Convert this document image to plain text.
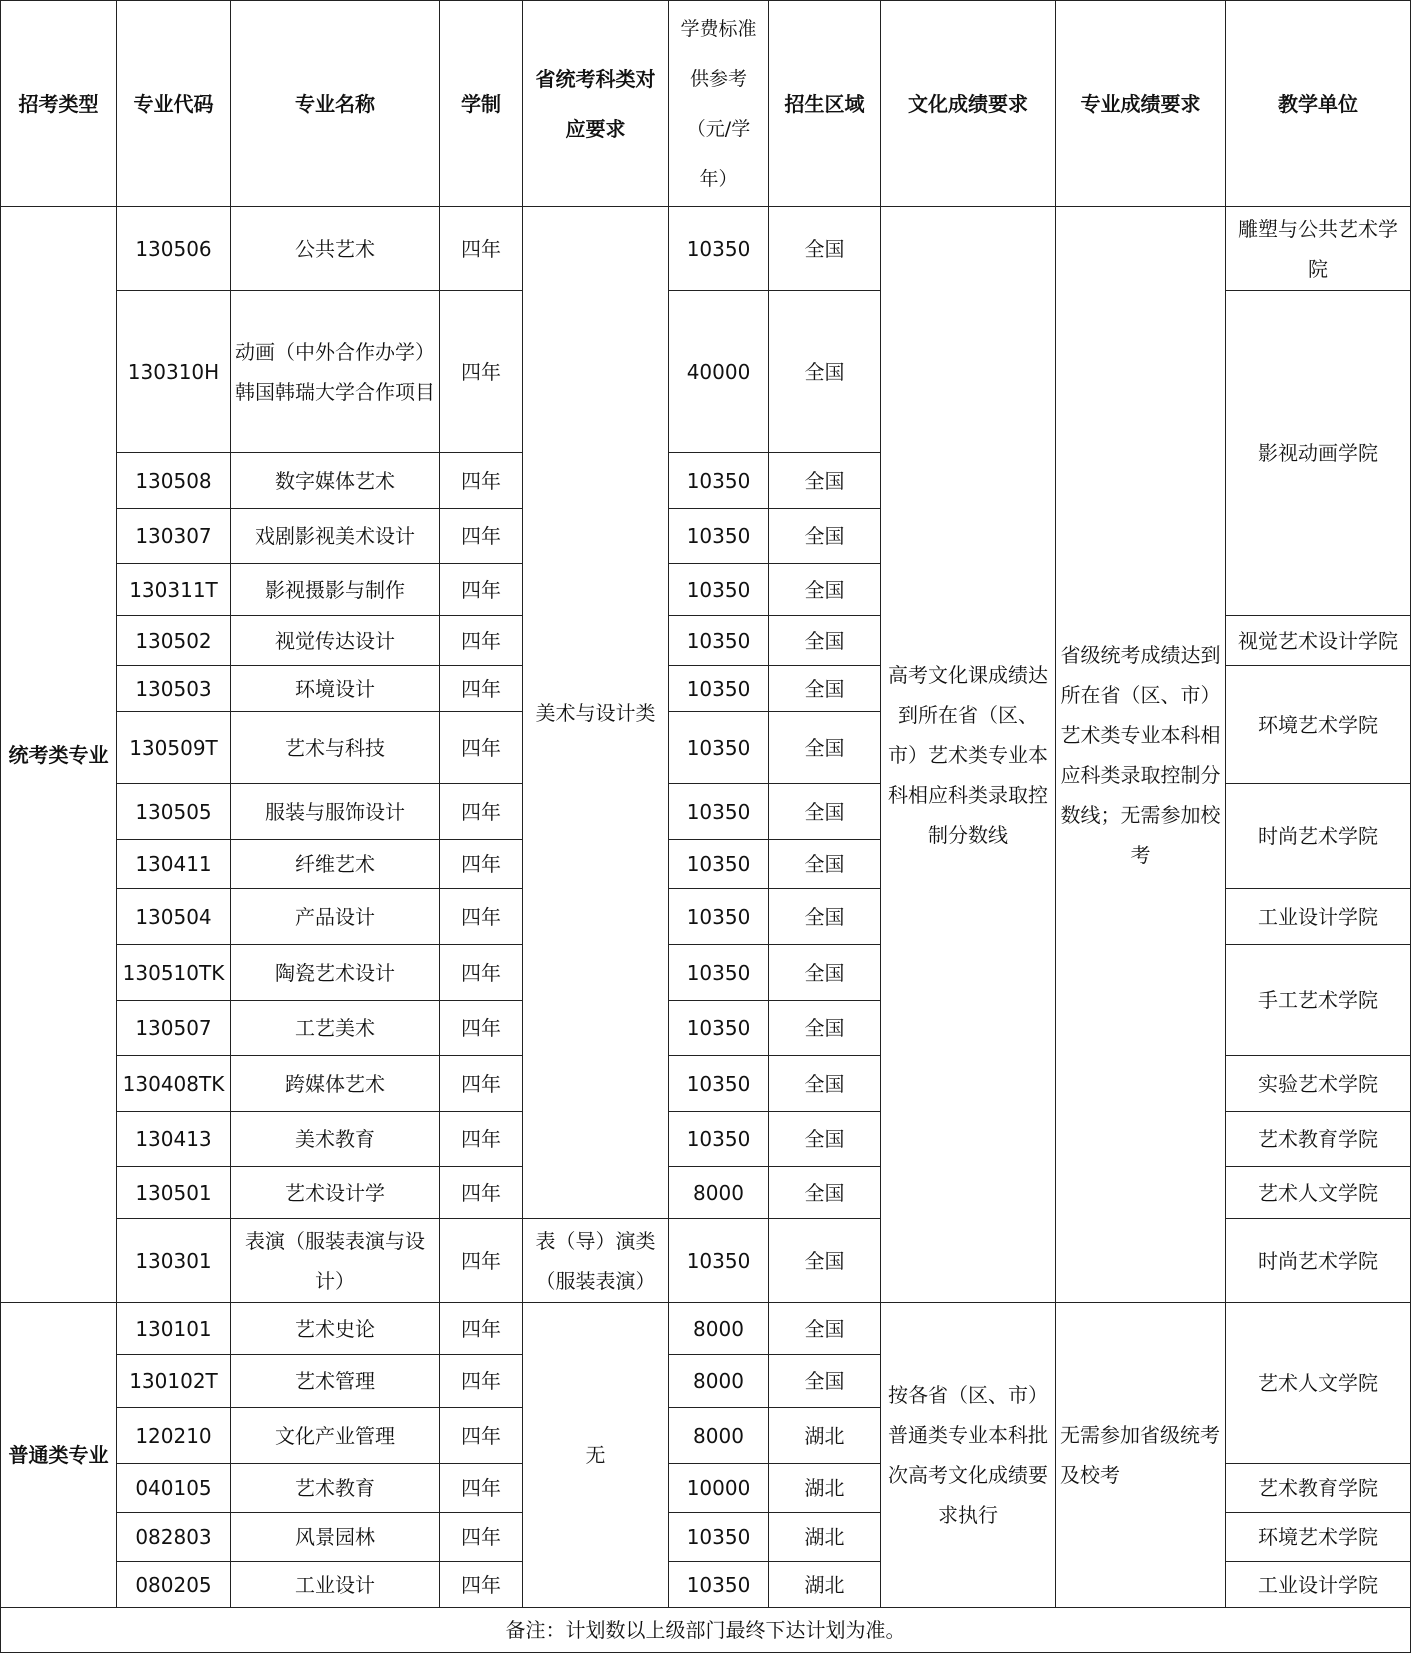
招考类型	专业代码	专业名称	学制	省统考科类对应要求	学费标准供参考（元/学年）	招生区域	文化成绩要求	专业成绩要求	教学单位
统考类专业	130506	公共艺术	四年	美术与设计类	10350	全国	高考文化课成绩达到所在省（区、市）艺术类专业本科相应科类录取控制分数线	省级统考成绩达到所在省（区、市）艺术类专业本科相应科类录取控制分数线；无需参加校考	雕塑与公共艺术学院
	130310H	动画（中外合作办学）韩国韩瑞大学合作项目	四年		40000	全国			影视动画学院
	130508	数字媒体艺术	四年		10350	全国			
	130307	戏剧影视美术设计	四年		10350	全国			
	130311T	影视摄影与制作	四年		10350	全国			
	130502	视觉传达设计	四年		10350	全国			视觉艺术设计学院
	130503	环境设计	四年		10350	全国			环境艺术学院
	130509T	艺术与科技	四年		10350	全国			
	130505	服装与服饰设计	四年		10350	全国			时尚艺术学院
	130411	纤维艺术	四年		10350	全国			
	130504	产品设计	四年		10350	全国			工业设计学院
	130510TK	陶瓷艺术设计	四年		10350	全国			手工艺术学院
	130507	工艺美术	四年		10350	全国			
	130408TK	跨媒体艺术	四年		10350	全国			实验艺术学院
	130413	美术教育	四年		10350	全国			艺术教育学院
	130501	艺术设计学	四年		8000	全国			艺术人文学院
	130301	表演（服装表演与设计）	四年	表（导）演类（服装表演）	10350	全国			时尚艺术学院
普通类专业	130101	艺术史论	四年	无	8000	全国	按各省（区、市）普通类专业本科批次高考文化成绩要求执行	无需参加省级统考及校考	艺术人文学院
	130102T	艺术管理	四年		8000	全国			
	120210	文化产业管理	四年		8000	湖北			
	040105	艺术教育	四年		10000	湖北			艺术教育学院
	082803	风景园林	四年		10350	湖北			环境艺术学院
	080205	工业设计	四年		10350	湖北			工业设计学院
备注：计划数以上级部门最终下达计划为准。									
